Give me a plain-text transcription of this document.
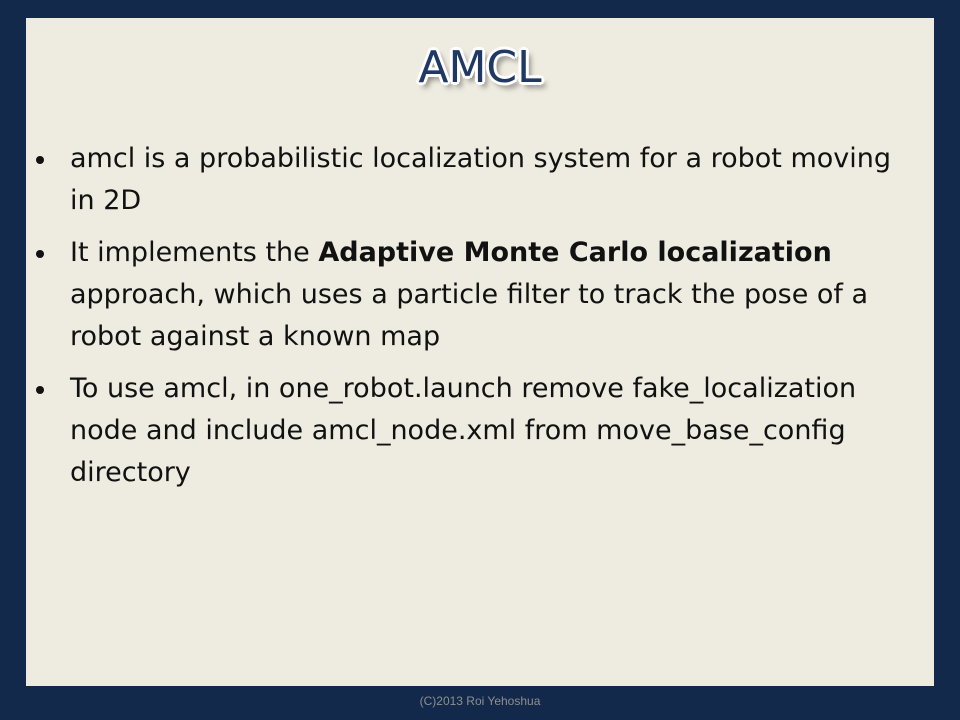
AMCL
amcl is a probabilistic localization system for a robot moving in 2D
It implements the Adaptive Monte Carlo localization approach, which uses a particle filter to track the pose of a robot against a known map
To use amcl, in one_robot.launch remove fake_localization node and include amcl_node.xml from move_base_config directory
(C)2013 Roi Yehoshua
